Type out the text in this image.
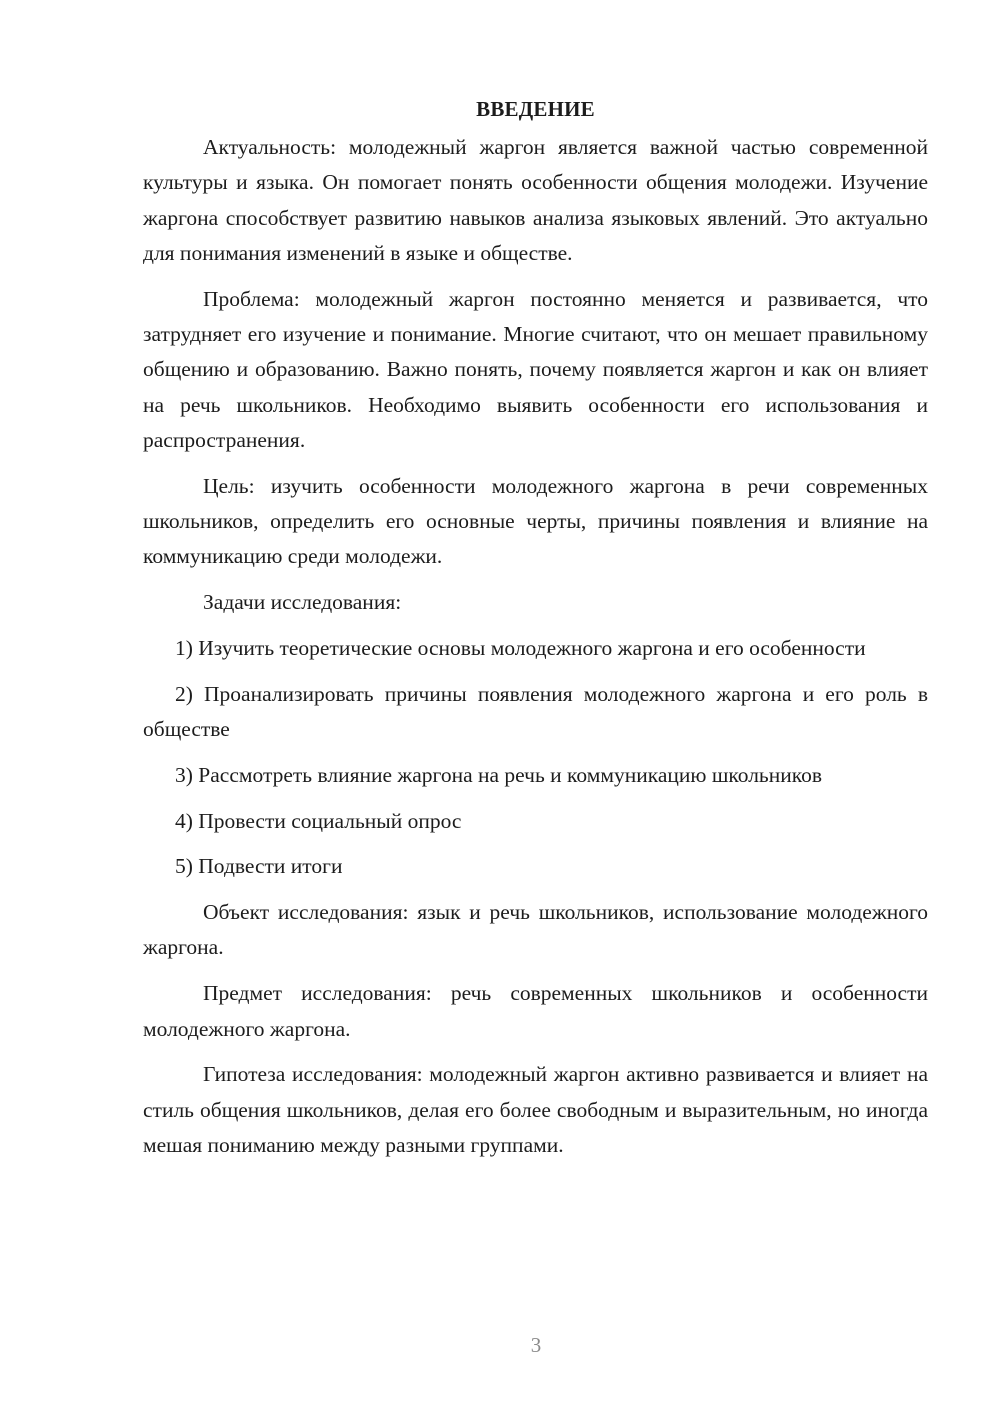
ВВЕДЕНИЕ

Актуальность: молодежный жаргон является важной частью современной культуры и языка. Он помогает понять особенности общения молодежи. Изучение жаргона способствует развитию навыков анализа языковых явлений. Это актуально для понимания изменений в языке и обществе.

Проблема: молодежный жаргон постоянно меняется и развивается, что затрудняет его изучение и понимание. Многие считают, что он мешает правильному общению и образованию. Важно понять, почему появляется жаргон и как он влияет на речь школьников. Необходимо выявить особенности его использования и распространения.

Цель: изучить особенности молодежного жаргона в речи современных школьников, определить его основные черты, причины появления и влияние на коммуникацию среди молодежи.

Задачи исследования:

1) Изучить теоретические основы молодежного жаргона и его особенности

2) Проанализировать причины появления молодежного жаргона и его роль в обществе

3) Рассмотреть влияние жаргона на речь и коммуникацию школьников

4) Провести социальный опрос

5) Подвести итоги

Объект исследования: язык и речь школьников, использование молодежного жаргона.

Предмет исследования: речь современных школьников и особенности молодежного жаргона.

Гипотеза исследования: молодежный жаргон активно развивается и влияет на стиль общения школьников, делая его более свободным и выразительным, но иногда мешая пониманию между разными группами.

3
